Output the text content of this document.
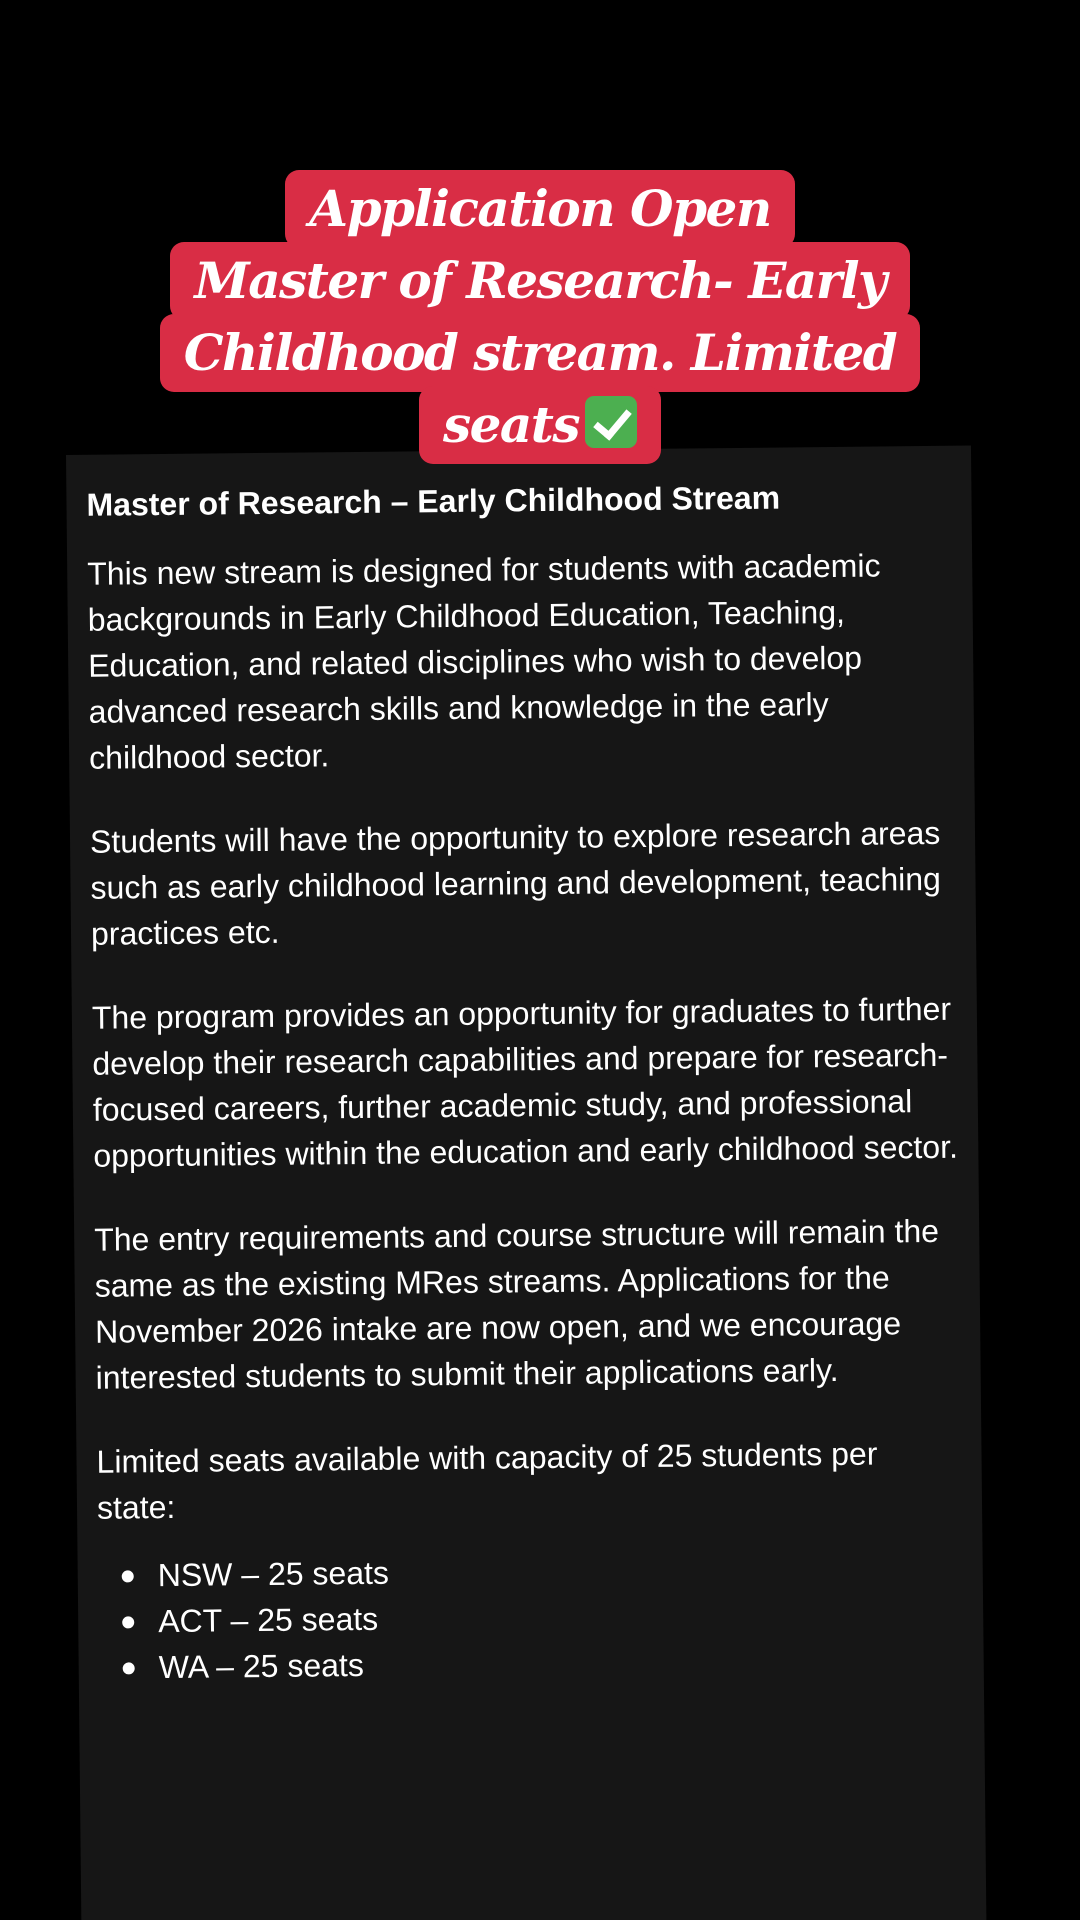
Application Open
Master of Research- Early
Childhood stream. Limited
seats
Master of Research – Early Childhood Stream

This new stream is designed for students with academic backgrounds in Early Childhood Education, Teaching, Education, and related disciplines who wish to develop advanced research skills and knowledge in the early childhood sector.

Students will have the opportunity to explore research areas such as early childhood learning and development, teaching practices etc.

The program provides an opportunity for graduates to further develop their research capabilities and prepare for research-focused careers, further academic study, and professional opportunities within the education and early childhood sector.

The entry requirements and course structure will remain the same as the existing MRes streams. Applications for the November 2026 intake are now open, and we encourage interested students to submit their applications early.

Limited seats available with capacity of 25 students per state:

NSW – 25 seats
ACT – 25 seats
WA – 25 seats
